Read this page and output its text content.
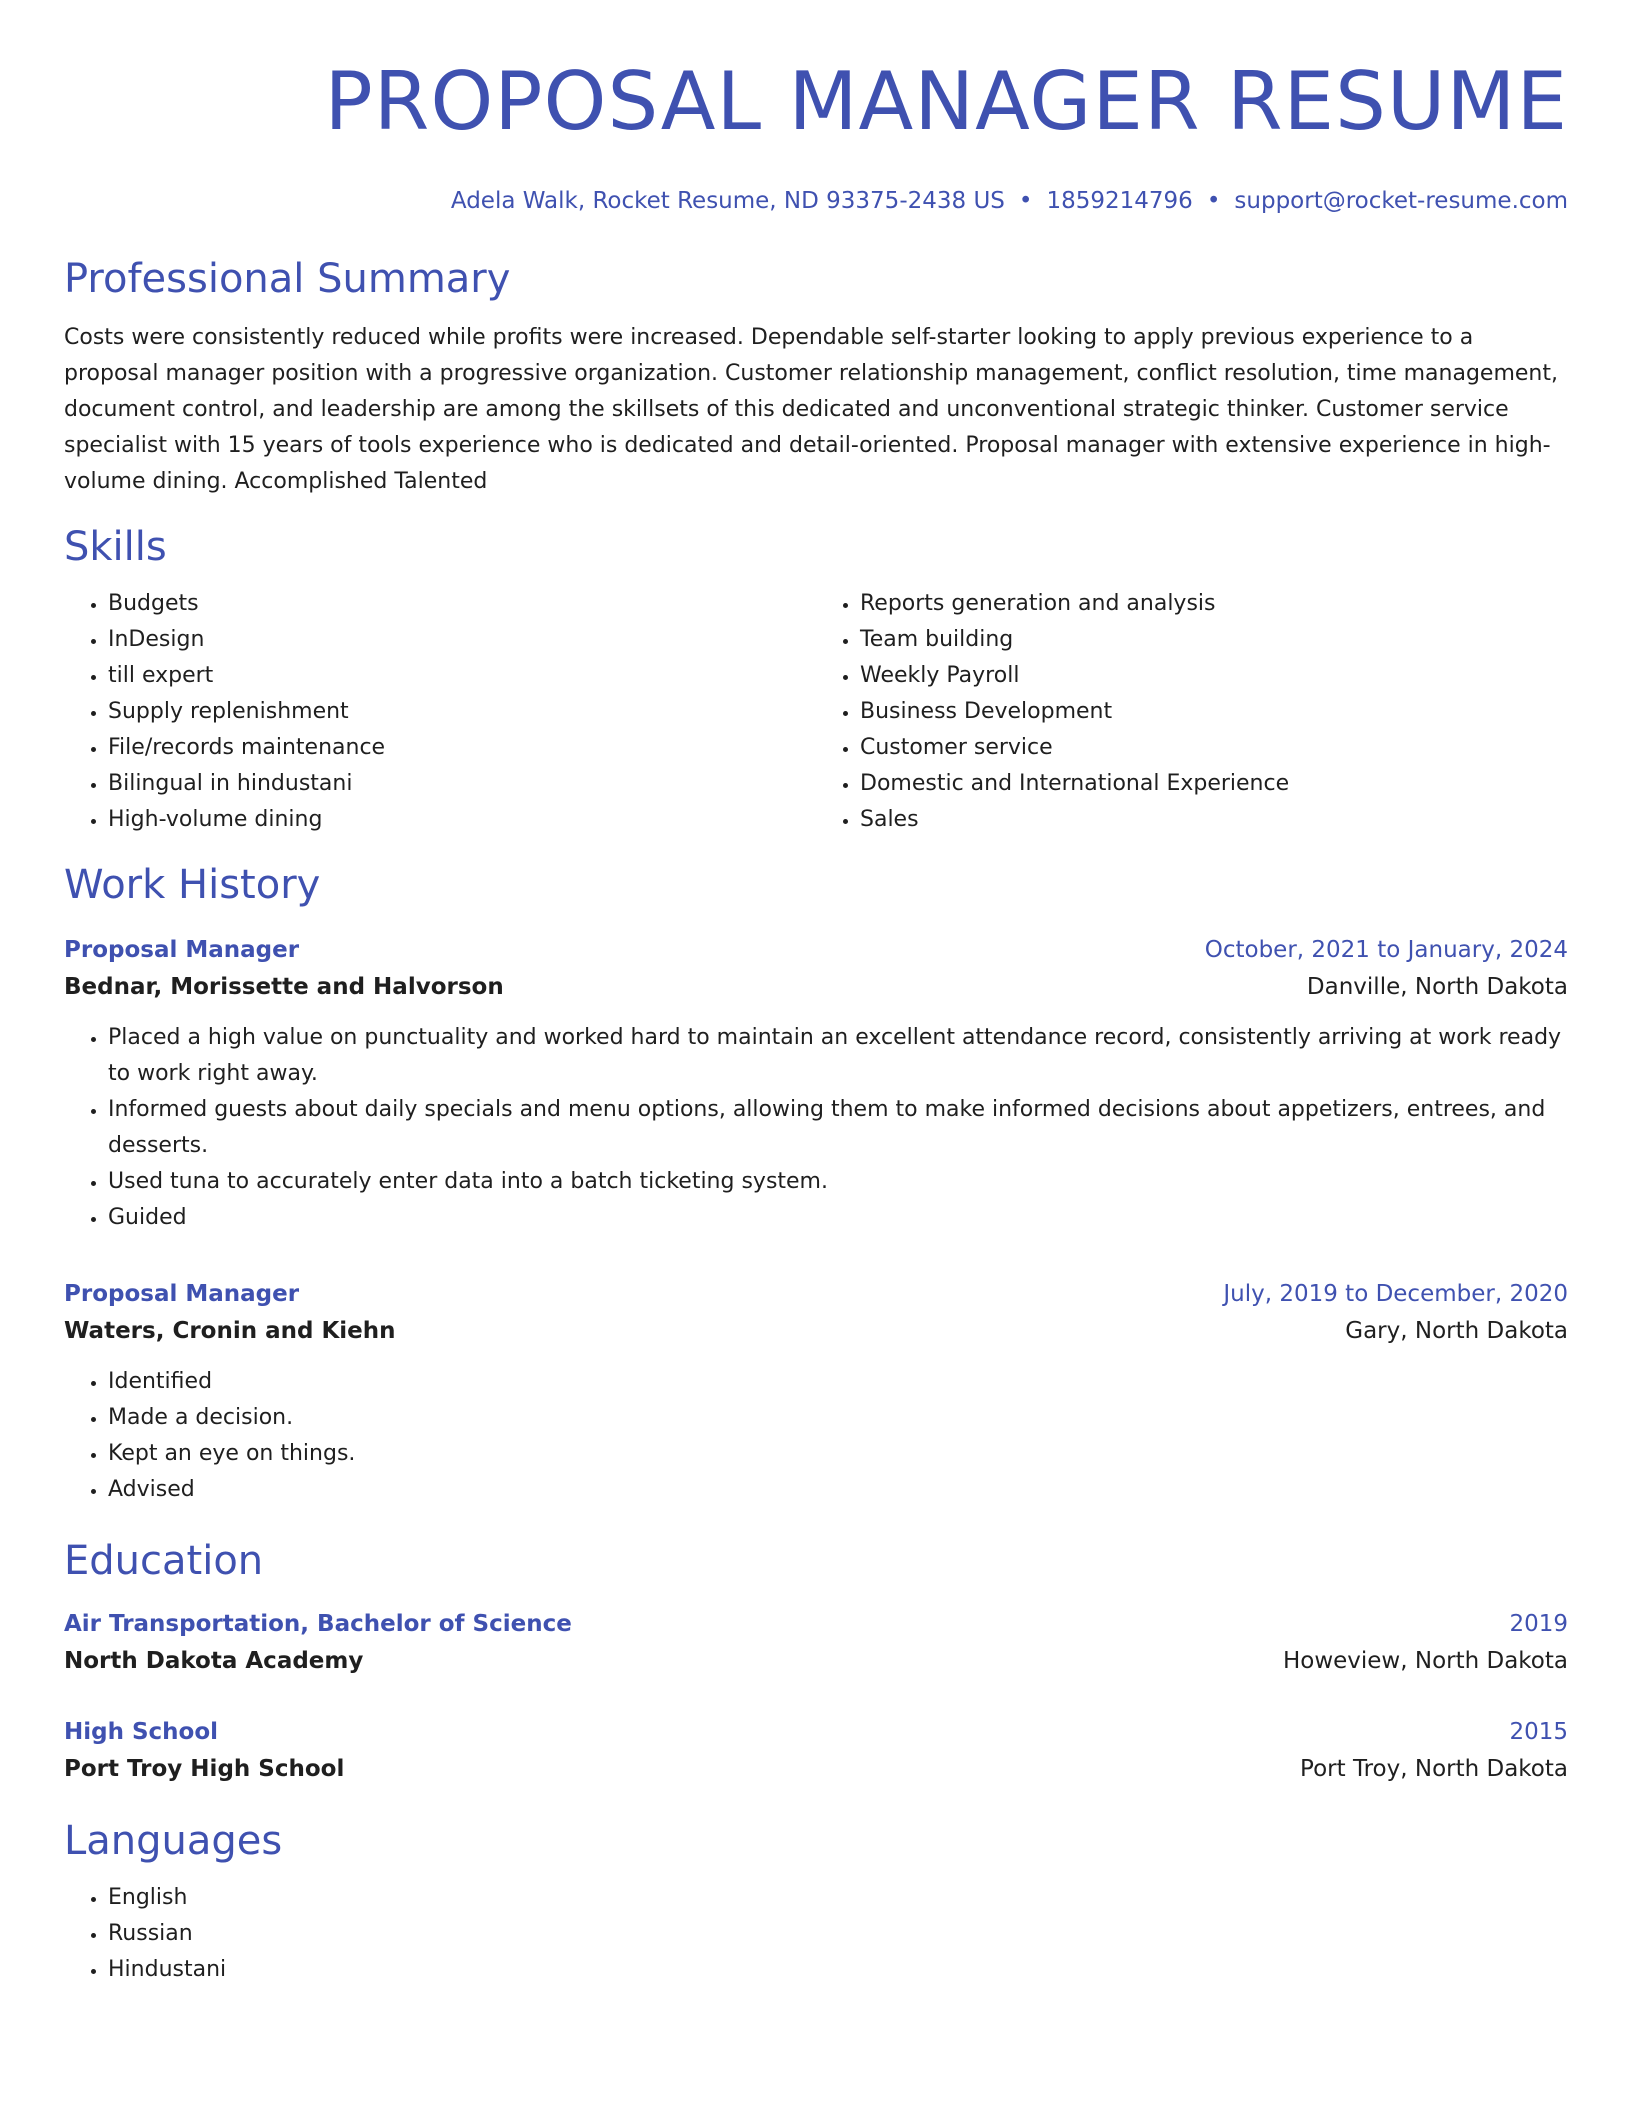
PROPOSAL MANAGER RESUME
Adela Walk, Rocket Resume, ND 93375-2438 US • 1859214796 • support@rocket-resume.com
Professional Summary

Costs were consistently reduced while profits were increased. Dependable self-starter looking to apply previous experience to a proposal manager position with a progressive organization. Customer relationship management, conflict resolution, time management, document control, and leadership are among the skillsets of this dedicated and unconventional strategic thinker. Customer service specialist with 15 years of tools experience who is dedicated and detail-oriented. Proposal manager with extensive experience in high-volume dining. Accomplished Talented

Skills
• Budgets
• InDesign
• till expert
• Supply replenishment
• File/records maintenance
• Bilingual in hindustani
• High-volume dining
• Reports generation and analysis
• Team building
• Weekly Payroll
• Business Development
• Customer service
• Domestic and International Experience
• Sales
Work History
Proposal Manager	October, 2021 to January, 2024
Bednar, Morissette and Halvorson	Danville, North Dakota
• Placed a high value on punctuality and worked hard to maintain an excellent attendance record, consistently arriving at work ready to work right away.
• Informed guests about daily specials and menu options, allowing them to make informed decisions about appetizers, entrees, and desserts.
• Used tuna to accurately enter data into a batch ticketing system.
• Guided
Proposal Manager	July, 2019 to December, 2020
Waters, Cronin and Kiehn	Gary, North Dakota
• Identified
• Made a decision.
• Kept an eye on things.
• Advised
Education
Air Transportation, Bachelor of Science	2019
North Dakota Academy	Howeview, North Dakota
High School	2015
Port Troy High School	Port Troy, North Dakota
Languages
• English
• Russian
• Hindustani
